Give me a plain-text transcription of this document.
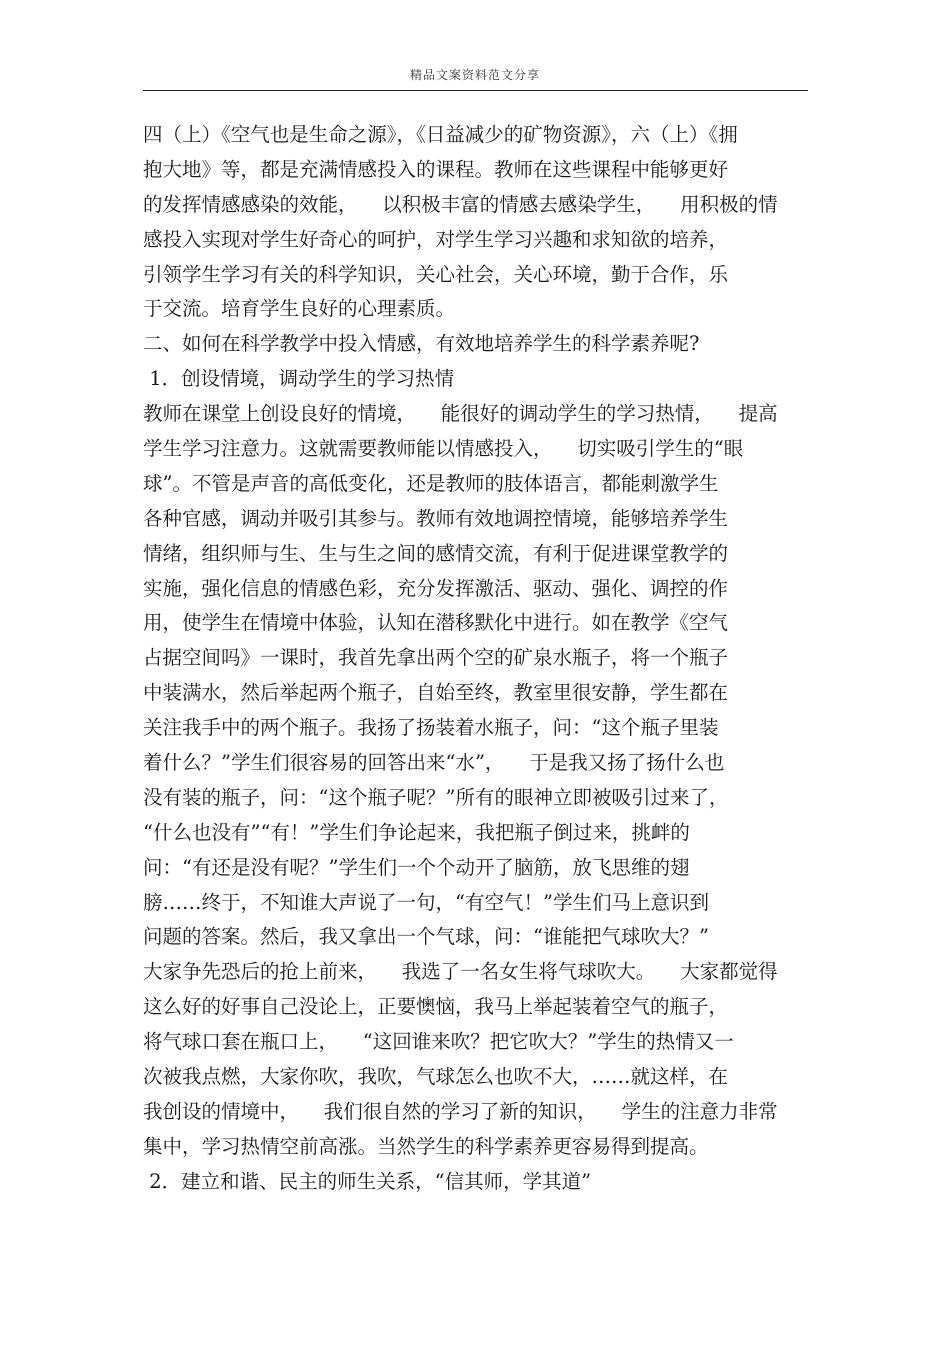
精品文案资料范文分享
四（上）《空气也是生命之源》，《日益减少的矿物资源》，六（上）《拥
抱大地》等，都是充满情感投入的课程。教师在这些课程中能够更好
的发挥情感感染的效能，    以积极丰富的情感去感染学生，    用积极的情
感投入实现对学生好奇心的呵护，对学生学习兴趣和求知欲的培养，
引领学生学习有关的科学知识，关心社会，关心环境，勤于合作，乐
于交流。培育学生良好的心理素质。
二、如何在科学教学中投入情感，有效地培养学生的科学素养呢?
1．创设情境，调动学生的学习热情
教师在课堂上创设良好的情境，    能很好的调动学生的学习热情，    提高
学生学习注意力。这就需要教师能以情感投入，    切实吸引学生的“眼
球”。不管是声音的高低变化，还是教师的肢体语言，都能刺激学生
各种官感，调动并吸引其参与。教师有效地调控情境，能够培养学生
情绪，组织师与生、生与生之间的感情交流，有利于促进课堂教学的
实施，强化信息的情感色彩，充分发挥激活、驱动、强化、调控的作
用，使学生在情境中体验，认知在潜移默化中进行。如在教学《空气
占据空间吗》一课时，我首先拿出两个空的矿泉水瓶子，将一个瓶子
中装满水，然后举起两个瓶子，自始至终，教室里很安静，学生都在
关注我手中的两个瓶子。我扬了扬装着水瓶子，问：“这个瓶子里装
着什么？”学生们很容易的回答出来“水”，    于是我又扬了扬什么也
没有装的瓶子，问：“这个瓶子呢？”所有的眼神立即被吸引过来了，
“什么也没有”“有！”学生们争论起来，我把瓶子倒过来，挑衅的
问：“有还是没有呢？”学生们一个个动开了脑筋，放飞思维的翅
膀……终于，不知谁大声说了一句，“有空气！”学生们马上意识到
问题的答案。然后，我又拿出一个气球，问：“谁能把气球吹大？”
大家争先恐后的抢上前来，    我选了一名女生将气球吹大。    大家都觉得
这么好的好事自己没论上，正要懊恼，我马上举起装着空气的瓶子，
将气球口套在瓶口上，    “这回谁来吹？把它吹大？”学生的热情又一
次被我点燃，大家你吹，我吹，气球怎么也吹不大，……就这样，在
我创设的情境中，    我们很自然的学习了新的知识，    学生的注意力非常
集中，学习热情空前高涨。当然学生的科学素养更容易得到提高。
2．建立和谐、民主的师生关系，“信其师，学其道”
